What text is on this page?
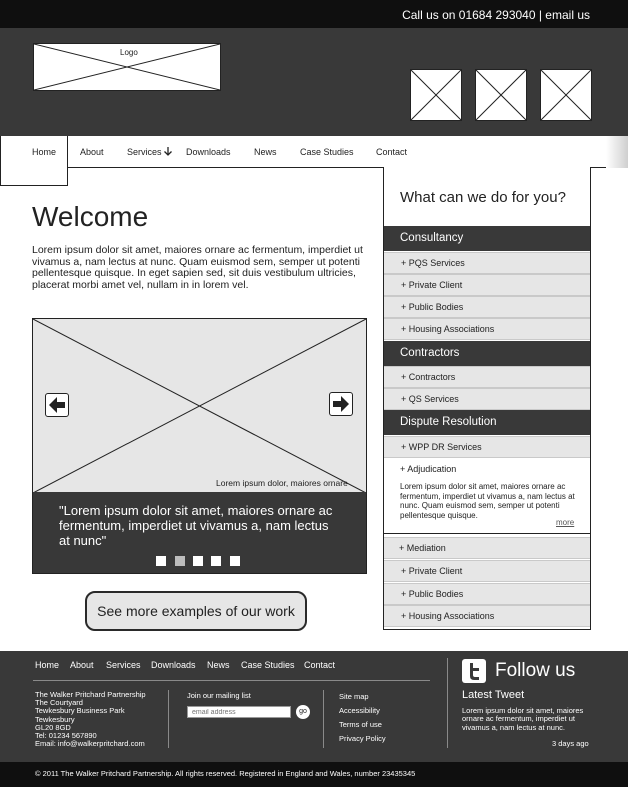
Call us on 01684 293040 | email us
Logo
Home	About	Services	Downloads	News	Case Studies Contact
Welcome

Lorem ipsum dolor sit amet, maiores ornare ac fermentum, imperdiet ut vivamus a, nam lectus at nunc. Quam euismod sem, semper ut potenti pellentesque quisque. In eget sapien sed, sit duis vestibulum ultricies, placerat morbi amet vel, nullam in in lorem vel.

Lorem ipsum dolor, maiores ornare

"Lorem ipsum dolor sit amet, maiores ornare ac fermentum, imperdiet ut vivamus a, nam lectus at nunc"

See more examples of our work
What can we do for you?
Consultancy
+ PQS Services
+ Private Client
+ Public Bodies
+ Housing Associations
Contractors
+ Contractors
+ QS Services
Dispute Resolution
+ WPP DR Services
+ Adjudication

Lorem ipsum dolor sit amet, maiores ornare ac fermentum, imperdiet ut vivamus a, nam lectus at nunc. Quam euismod sem, semper ut potenti pellentesque quisque.

more
+ Mediation
+ Private Client
+ Public Bodies
+ Housing Associations
Home About Services Downloads News Case Studies Contact
The Walker Pritchard Partnership
The Courtyard
Tewkesbury Business Park
Tewkesbury
GL20 8GD
Tel: 01234 567890
Email: info@walkerpritchard.com
Join our mailing list
email address
go
Site map
Accessibility
Terms of use
Privacy Policy
Follow us
Latest Tweet

Lorem ipsum dolor sit amet, maiores ornare ac fermentum, imperdiet ut vivamus a, nam lectus at nunc.

3 days ago
© 2011 The Walker Pritchard Partnership. All rights reserved. Registered in England and Wales, number 23435345
